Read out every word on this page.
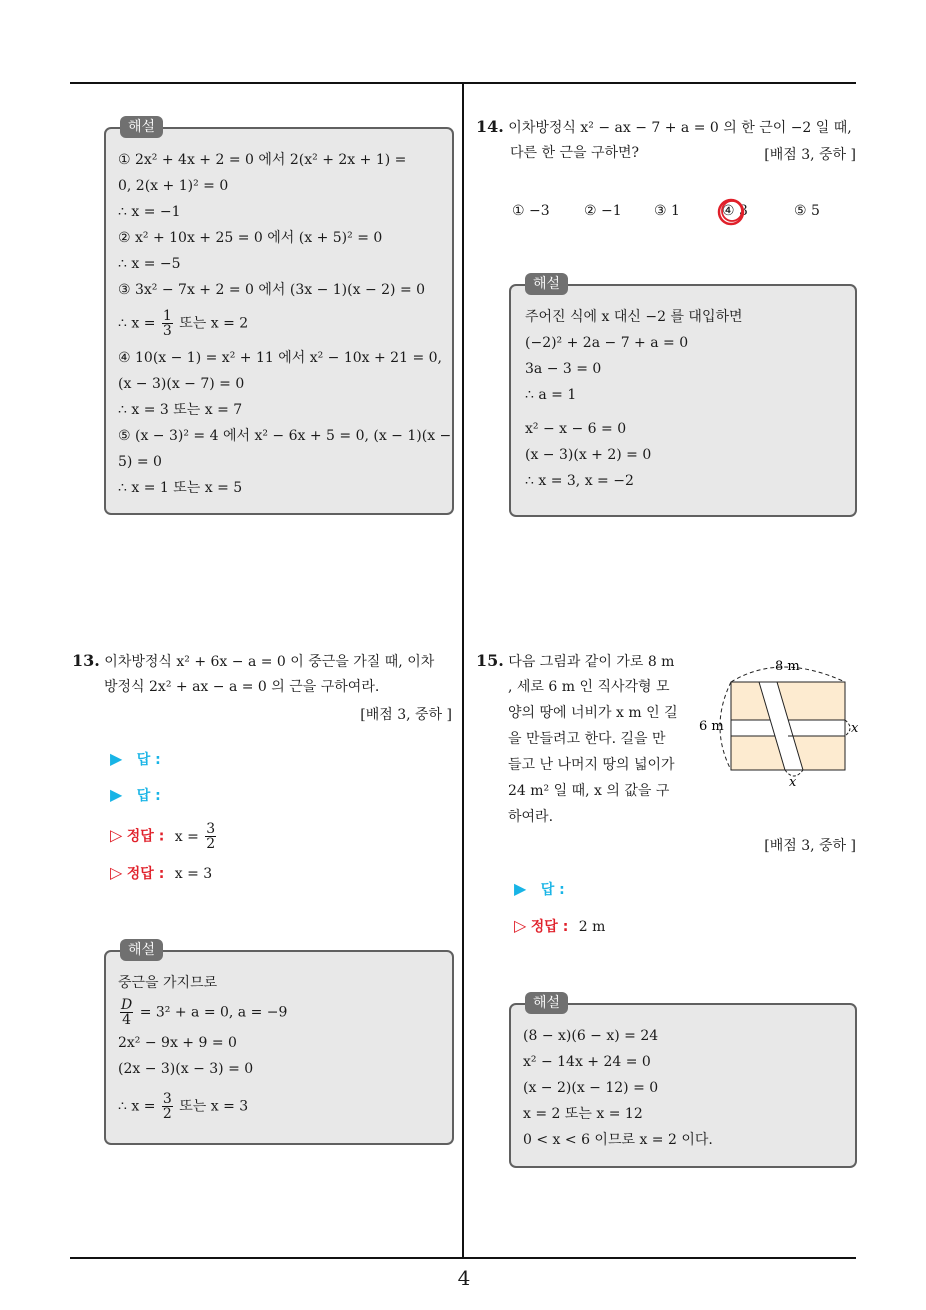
4
해설
① 2x² + 4x + 2 = 0 에서 2(x² + 2x + 1) =
0, 2(x + 1)² = 0
∴ x = −1
② x² + 10x + 25 = 0 에서 (x + 5)² = 0
∴ x = −5
③ 3x² − 7x + 2 = 0 에서 (3x − 1)(x − 2) = 0
∴ $x = \frac{1}{3}$ 또는 x = 2
④ 10(x − 1) = x² + 11 에서 x² − 10x + 21 = 0,
(x − 3)(x − 7) = 0
∴ x = 3 또는 x = 7
⑤ (x − 3)² = 4 에서 x² − 6x + 5 = 0, (x − 1)(x −
5) = 0
∴ x = 1 또는 x = 5
13. 이차방정식 x² + 6x − a = 0 이 중근을 가질 때, 이차
방정식 2x² + ax − a = 0 의 근을 구하여라.
[배점 3, 중하 ]
▶ 답 :
▶ 답 :
▷ 정답 : $x = \frac{3}{2}$
▷ 정답 : x = 3
해설
중근을 가지므로
$\frac{D}{4} = 3^2 + a = 0$, a = −9
2x² − 9x + 9 = 0
(2x − 3)(x − 3) = 0
∴ $x = \frac{3}{2}$ 또는 x = 3
14. 이차방정식 x² − ax − 7 + a = 0 의 한 근이 −2 일 때,
다른 한 근을 구하면?	[배점 3, 중하 ]
① −3 ② −1 ③ 1	④ 3	⑤ 5
해설
주어진 식에 x 대신 −2 를 대입하면
(−2)² + 2a − 7 + a = 0
3a − 3 = 0
∴ a = 1
x² − x − 6 = 0
(x − 3)(x + 2) = 0
∴ x = 3, x = −2
15. 다음 그림과 같이 가로 8 m
, 세로 6 m 인 직사각형 모
양의 땅에 너비가 x m 인 길
을 만들려고 한다. 길을 만
들고 난 나머지 땅의 넓이가
24 m² 일 때, x 의 값을 구
하여라.
8 m
6 m	x
x
[배점 3, 중하 ]
▶ 답 :
▷ 정답 : 2 m
해설
(8 − x)(6 − x) = 24
x² − 14x + 24 = 0
(x − 2)(x − 12) = 0
x = 2 또는 x = 12
0 < x < 6 이므로 x = 2 이다.
